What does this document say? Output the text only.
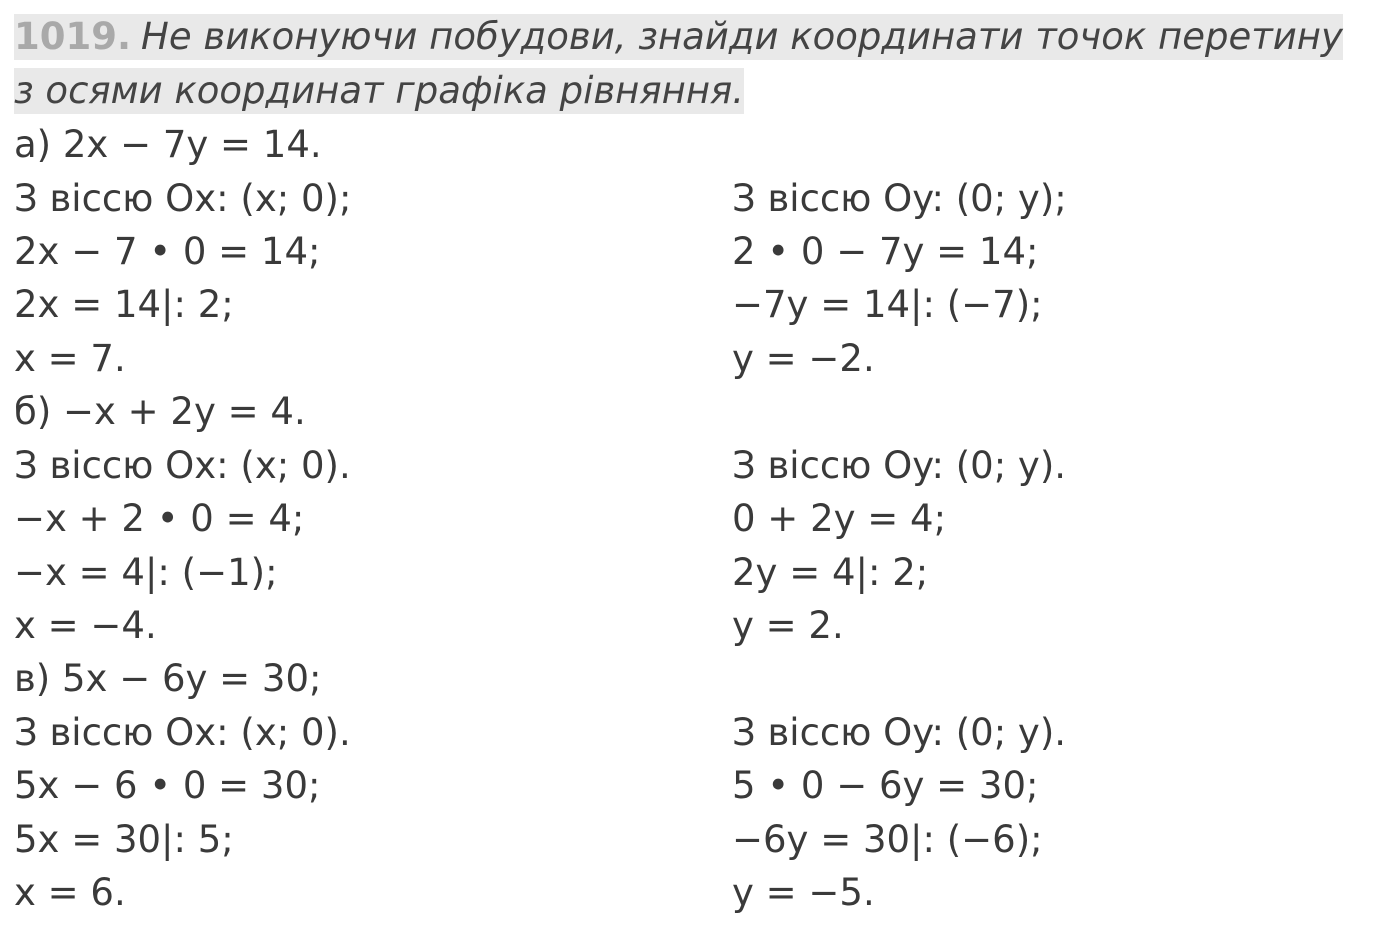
1019. Не виконуючи побудови, знайди координати точок перетину
з осями координат графіка рівняння.
а) 2x − 7y = 14.
З віссю Ox: (x; 0);
2x − 7 • 0 = 14;
2x = 14|: 2;
x = 7.
З віссю Oy: (0; y);
2 • 0 − 7y = 14;
−7y = 14|: (−7);
y = −2.
б) −x + 2y = 4.
З віссю Ox: (x; 0).
−x + 2 • 0 = 4;
−x = 4|: (−1);
x = −4.
З віссю Oy: (0; y).
0 + 2y = 4;
2y = 4|: 2;
y = 2.
в) 5x − 6y = 30;
З віссю Ox: (x; 0).
5x − 6 • 0 = 30;
5x = 30|: 5;
x = 6.
З віссю Oy: (0; y).
5 • 0 − 6y = 30;
−6y = 30|: (−6);
y = −5.
